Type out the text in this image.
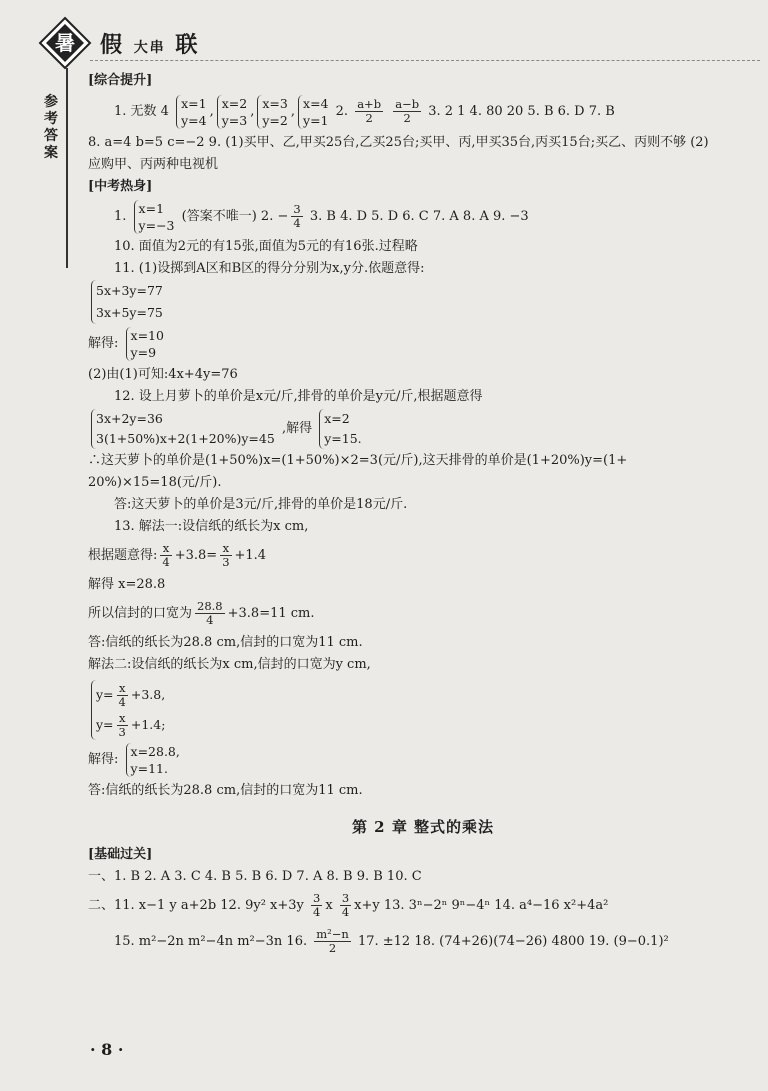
暑 假 大串 联
参考答案
[综合提升]
1. 无数 4 x=1
y=4,x=2
y=3,x=3
y=2,x=4
y=1 2. $\frac{a+b}{2}$
$\frac{a-b}{2} 3$. 2 1 4. 80 20 5. B 6. D 7. B
8. a=4 b=5 c=−2 9. (1)买甲、乙,甲买25台,乙买25台;买甲、丙,甲买35台,丙买15台;买乙、丙则不够 (2)
应购甲、丙两种电视机
[中考热身]
1. x=1
y=−3 (答案不唯一) 2. − $\frac{3}{4} 3$. B 4. D 5. D 6. C 7. A 8. A 9. −3
10. 面值为2元的有15张,面值为5元的有16张.过程略
11. (1)设掷到A区和B区的得分分别为x,y分.依题意得:
5x+3y=77
3x+5y=75
解得: x=10
y=9
(2)由(1)可知:4x+4y=76
12. 设上月萝卜的单价是x元/斤,排骨的单价是y元/斤,根据题意得
3x+2y=36
3(1+50%)x+2(1+20%)y=45 ,解得 x=2
y=15.
∴这天萝卜的单价是(1+50%)x=(1+50%)×2=3(元/斤),这天排骨的单价是(1+20%)y=(1+
20%)×15=18(元/斤).
答:这天萝卜的单价是3元/斤,排骨的单价是18元/斤.
13. 解法一:设信纸的纸长为x cm,
根据题意得: $\frac{x}{4} +3.8= \frac{x}{3} +1.4$
解得 x=28.8
所以信封的口宽为 $\frac{28.8}{4} +3.8=11$ cm.
答:信纸的纸长为28.8 cm,信封的口宽为11 cm.
解法二:设信纸的纸长为x cm,信封的口宽为y cm,
$y= \frac{x}{4} +3.8$,
$y= \frac{x}{3} +1.4$;
解得: x=28.8,
y=11.
答:信纸的纸长为28.8 cm,信封的口宽为11 cm.
第 2 章 整式的乘法
[基础过关]
一、1. B 2. A 3. C 4. B 5. B 6. D 7. A 8. B 9. B 10. C
二、11. x−1 y a+2b 12. 9y² $x+3y \frac{3}{4}$ x $\frac{3}{4} x+y$ 13. 3ⁿ−2ⁿ 9ⁿ−4ⁿ 14. a⁴−16 x²+4a²
15. m²−2n m²−4n m²−3n 16. $\frac{\text{m²−n}}{2} 17$. ±12 18. (74+26)(74−26) 4800 19. (9−0.1)²
· 8 ·
